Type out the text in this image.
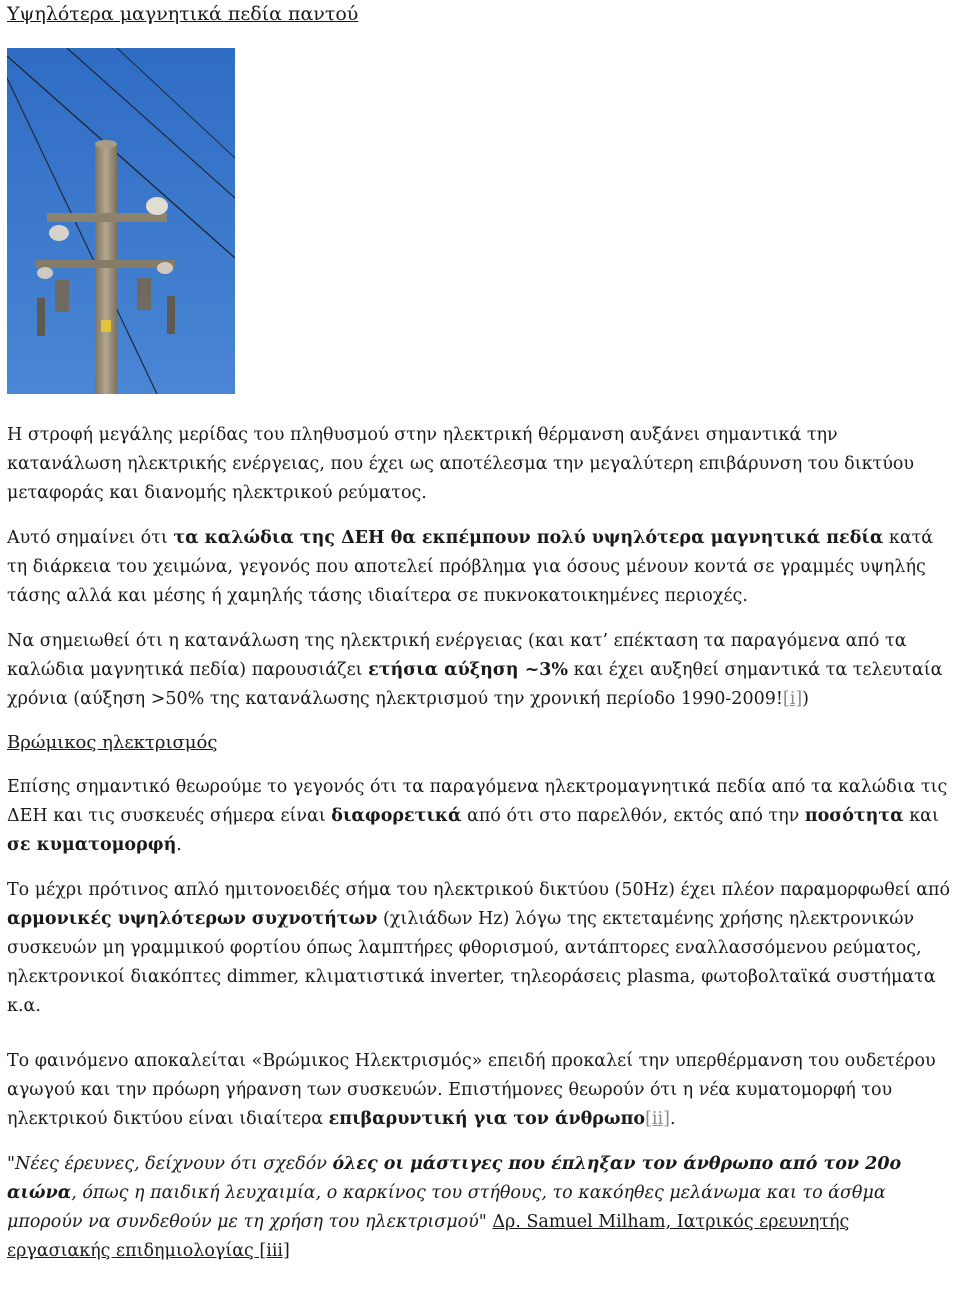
Υψηλότερα μαγνητικά πεδία παντού

Η στροφή μεγάλης μερίδας του πληθυσμού στην ηλεκτρική θέρμανση αυξάνει σημαντικά την κατανάλωση ηλεκτρικής ενέργειας, που έχει ως αποτέλεσμα την μεγαλύτερη επιβάρυνση του δικτύου μεταφοράς και διανομής ηλεκτρικού ρεύματος.

Αυτό σημαίνει ότι τα καλώδια της ΔΕΗ θα εκπέμπουν πολύ υψηλότερα μαγνητικά πεδία κατά τη διάρκεια του χειμώνα, γεγονός που αποτελεί πρόβλημα για όσους μένουν κοντά σε γραμμές υψηλής τάσης αλλά και μέσης ή χαμηλής τάσης ιδιαίτερα σε πυκνοκατοικημένες περιοχές.

Να σημειωθεί ότι η κατανάλωση της ηλεκτρική ενέργειας (και κατ’ επέκταση τα παραγόμενα από τα καλώδια μαγνητικά πεδία) παρουσιάζει ετήσια αύξηση ~3% και έχει αυξηθεί σημαντικά τα τελευταία χρόνια (αύξηση >50% της κατανάλωσης ηλεκτρισμού την χρονική περίοδο 1990-2009![i])

Βρώμικος ηλεκτρισμός

Επίσης σημαντικό θεωρούμε το γεγονός ότι τα παραγόμενα ηλεκτρομαγνητικά πεδία από τα καλώδια τις ΔΕΗ και τις συσκευές σήμερα είναι διαφορετικά από ότι στο παρελθόν, εκτός από την ποσότητα και σε κυματομορφή.

Το μέχρι πρότινος απλό ημιτονοειδές σήμα του ηλεκτρικού δικτύου (50Hz) έχει πλέον παραμορφωθεί από αρμονικές υψηλότερων συχνοτήτων (χιλιάδων Hz) λόγω της εκτεταμένης χρήσης ηλεκτρονικών συσκευών μη γραμμικού φορτίου όπως λαμπτήρες φθορισμού, αντάπτορες εναλλασσόμενου ρεύματος, ηλεκτρονικοί διακόπτες dimmer, κλιματιστικά inverter, τηλεοράσεις plasma, φωτοβολταϊκά συστήματα κ.α.

Το φαινόμενο αποκαλείται «Βρώμικος Ηλεκτρισμός» επειδή προκαλεί την υπερθέρμανση του ουδετέρου αγωγού και την πρόωρη γήρανση των συσκευών. Επιστήμονες θεωρούν ότι η νέα κυματομορφή του ηλεκτρικού δικτύου είναι ιδιαίτερα επιβαρυντική για τον άνθρωπο[ii].

"Νέες έρευνες, δείχνουν ότι σχεδόν όλες οι μάστιγες που έπληξαν τον άνθρωπο από τον 20ο αιώνα, όπως η παιδική λευχαιμία, ο καρκίνος του στήθους, το κακόηθες μελάνωμα και το άσθμα μπορούν να συνδεθούν με τη χρήση του ηλεκτρισμού" Δρ. Samuel Milham, Ιατρικός ερευνητής εργασιακής επιδημιολογίας [iii]
